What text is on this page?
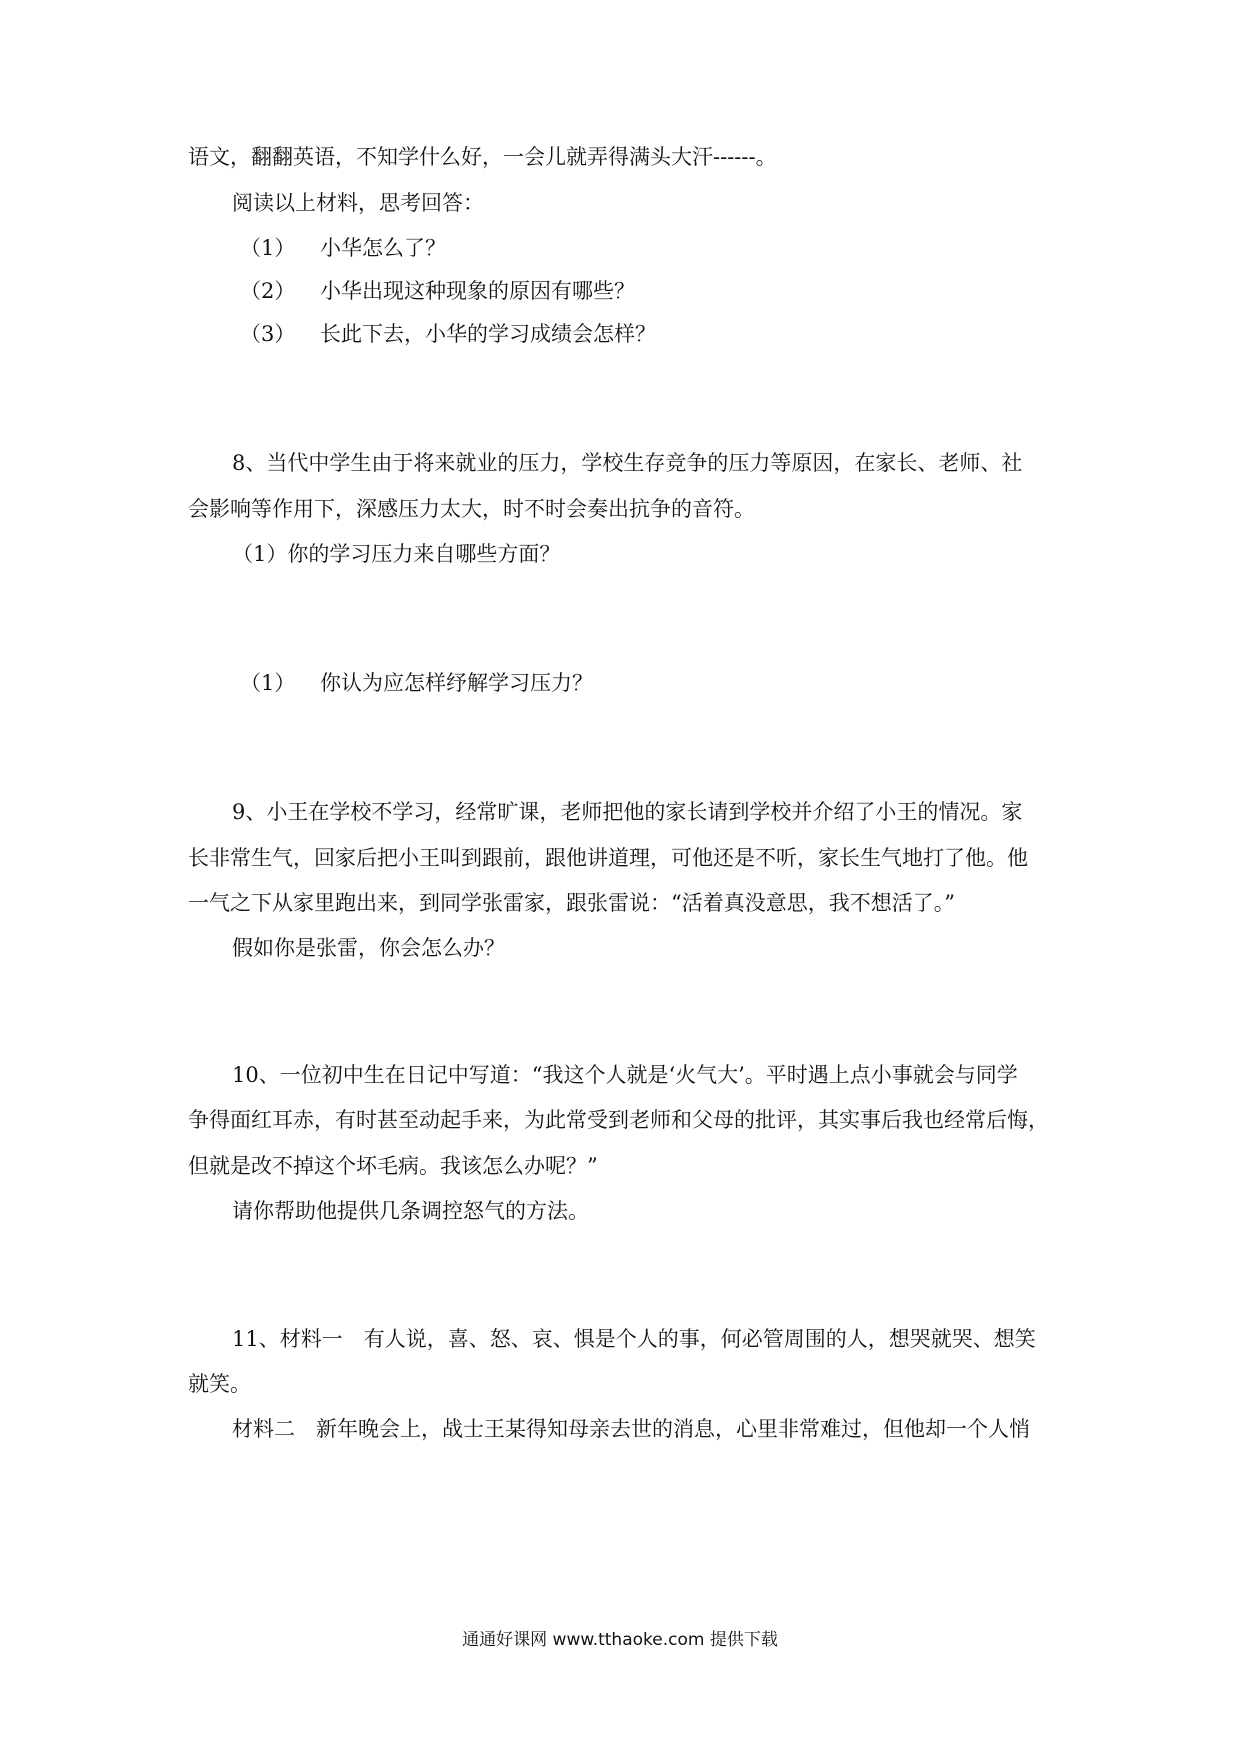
语文，翻翻英语，不知学什么好，一会儿就弄得满头大汗------。
阅读以上材料，思考回答：
（1） 小华怎么了？
（2） 小华出现这种现象的原因有哪些？
（3） 长此下去，小华的学习成绩会怎样？
8、当代中学生由于将来就业的压力，学校生存竞争的压力等原因，在家长、老师、社
会影响等作用下，深感压力太大，时不时会奏出抗争的音符。
（1）你的学习压力来自哪些方面？
（1） 你认为应怎样纾解学习压力？
9、小王在学校不学习，经常旷课，老师把他的家长请到学校并介绍了小王的情况。家
长非常生气，回家后把小王叫到跟前，跟他讲道理，可他还是不听，家长生气地打了他。他
一气之下从家里跑出来，到同学张雷家，跟张雷说：“活着真没意思，我不想活了。”
假如你是张雷，你会怎么办？
10、一位初中生在日记中写道：“我这个人就是‘火气大’。平时遇上点小事就会与同学
争得面红耳赤，有时甚至动起手来，为此常受到老师和父母的批评，其实事后我也经常后悔，
但就是改不掉这个坏毛病。我该怎么办呢？”
请你帮助他提供几条调控怒气的方法。
11、材料一　有人说，喜、怒、哀、惧是个人的事，何必管周围的人，想哭就哭、想笑
就笑。
材料二　新年晚会上，战士王某得知母亲去世的消息，心里非常难过，但他却一个人悄
通通好课网 www.tthaoke.com 提供下载
